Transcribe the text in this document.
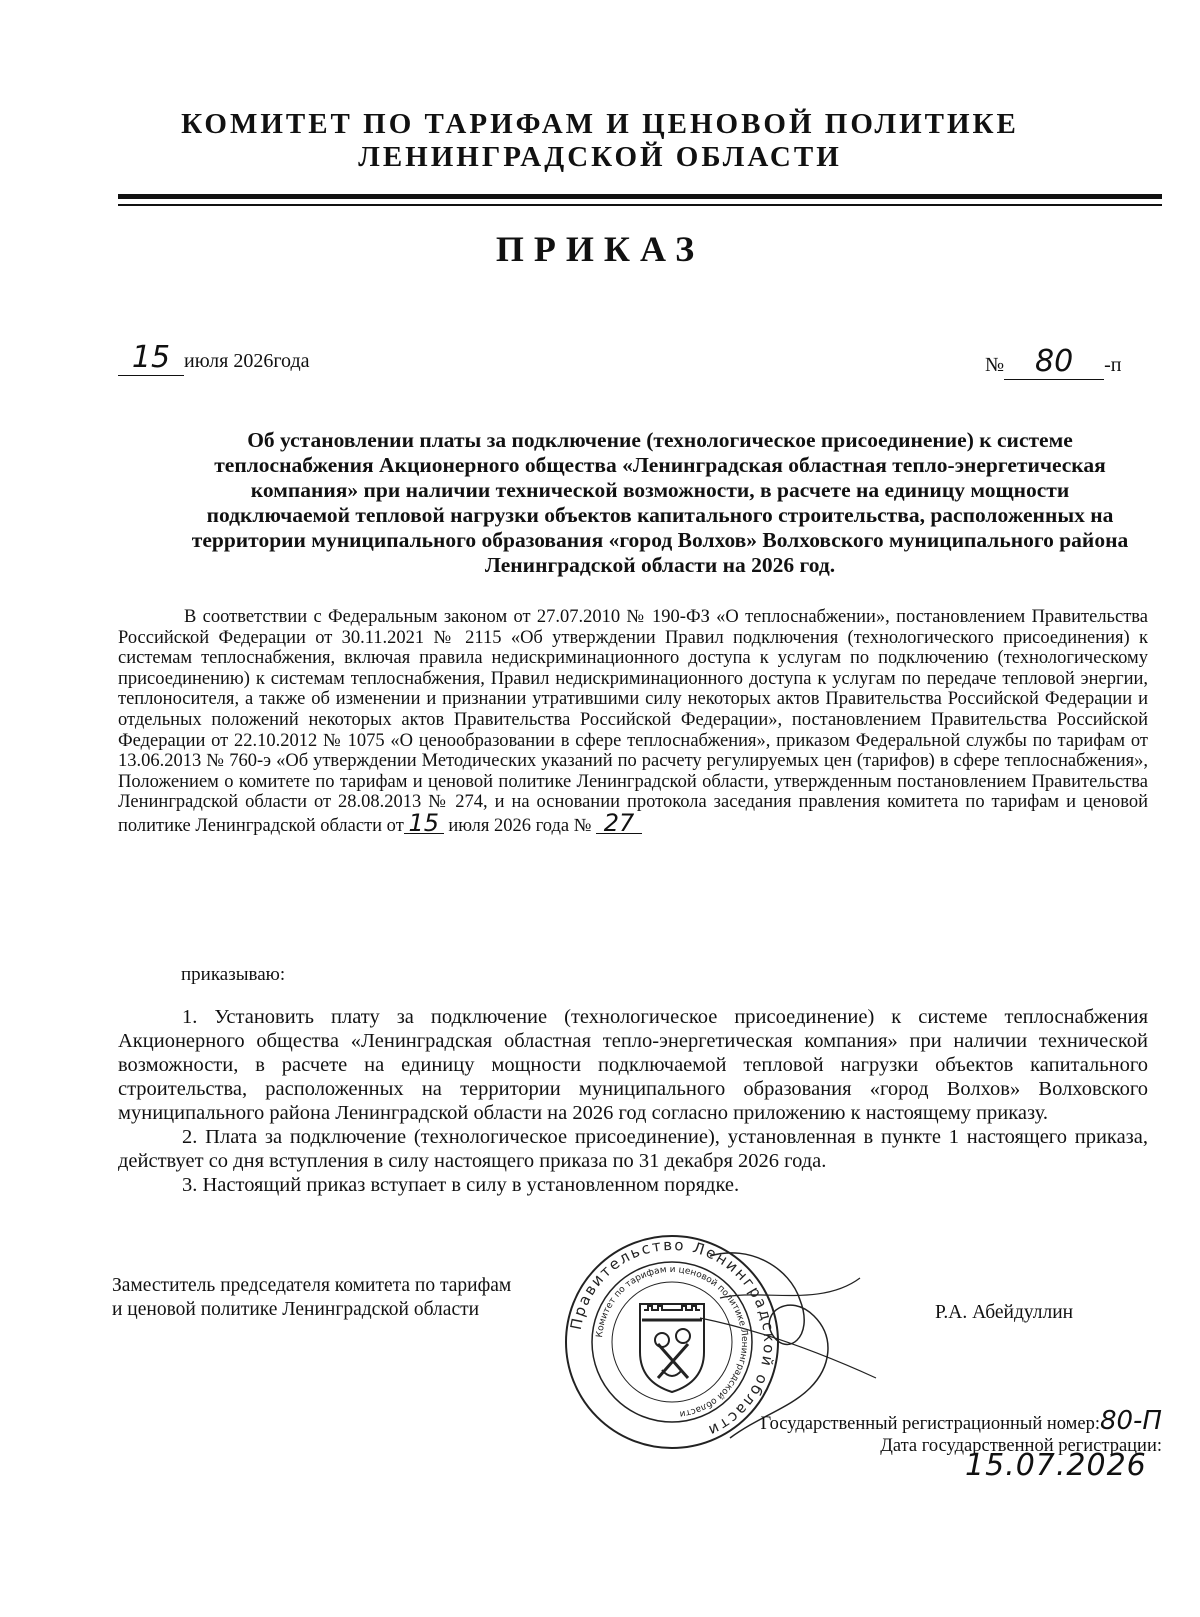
КОМИТЕТ ПО ТАРИФАМ И ЦЕНОВОЙ ПОЛИТИКЕ
ЛЕНИНГРАДСКОЙ ОБЛАСТИ
ПРИКАЗ
15 июля 2026года	№ 80 -п
Об установлении платы за подключение (технологическое присоединение) к системе теплоснабжения Акционерного общества «Ленинградская областная тепло-энергетическая компания» при наличии технической возможности, в расчете на единицу мощности подключаемой тепловой нагрузки объектов капитального строительства, расположенных на территории муниципального образования «город Волхов» Волховского муниципального района Ленинградской области на 2026 год.
В соответствии с Федеральным законом от 27.07.2010 № 190-ФЗ «О теплоснабжении», постановлением Правительства Российской Федерации от 30.11.2021 № 2115 «Об утверждении Правил подключения (технологического присоединения) к системам теплоснабжения, включая правила недискриминационного доступа к услугам по подключению (технологическому присоединению) к системам теплоснабжения, Правил недискриминационного доступа к услугам по передаче тепловой энергии, теплоносителя, а также об изменении и признании утратившими силу некоторых актов Правительства Российской Федерации и отдельных положений некоторых актов Правительства Российской Федерации», постановлением Правительства Российской Федерации от 22.10.2012 № 1075 «О ценообразовании в сфере теплоснабжения», приказом Федеральной службы по тарифам от 13.06.2013 № 760-э «Об утверждении Методических указаний по расчету регулируемых цен (тарифов) в сфере теплоснабжения», Положением о комитете по тарифам и ценовой политике Ленинградской области, утвержденным постановлением Правительства Ленинградской области от 28.08.2013 № 274, и на основании протокола заседания правления комитета по тарифам и ценовой политике Ленинградской области от 15 июля 2026 года № 27
приказываю:

1. Установить плату за подключение (технологическое присоединение) к системе теплоснабжения Акционерного общества «Ленинградская областная тепло-энергетическая компания» при наличии технической возможности, в расчете на единицу мощности подключаемой тепловой нагрузки объектов капитального строительства, расположенных на территории муниципального образования «город Волхов» Волховского муниципального района Ленинградской области на 2026 год согласно приложению к настоящему приказу.

2. Плата за подключение (технологическое присоединение), установленная в пункте 1 настоящего приказа, действует со дня вступления в силу настоящего приказа по 31 декабря 2026 года.

3. Настоящий приказ вступает в силу в установленном порядке.

Заместитель председателя комитета по тарифам
и ценовой политике Ленинградской области
Правительство Ленинградской области
Комитет по тарифам и ценовой политике Ленинградской области
Р.А. Абейдуллин
Государственный регистрационный номер:80-П
Дата государственной регистрации:
15.07.2026
